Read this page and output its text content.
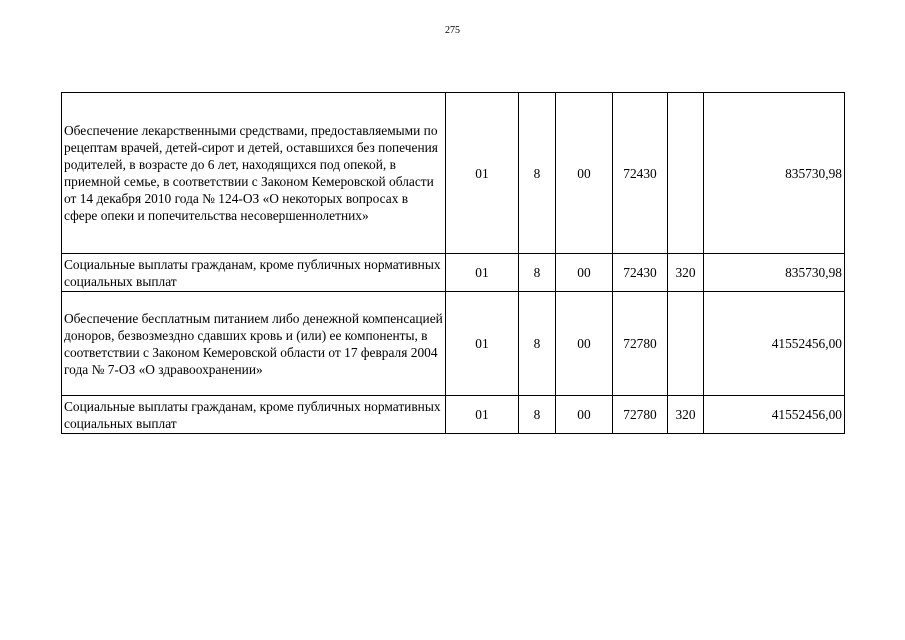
275
Обеспечение лекарственными средствами, предоставляемыми по рецептам врачей, детей-сирот и детей, оставшихся без попечения родителей, в возрасте до 6 лет, находящихся под опекой, в приемной семье, в соответствии с Законом Кемеровской области от 14 декабря 2010 года № 124-ОЗ «О некоторых вопросах в сфере опеки и попечительства несовершеннолетних»	01	8	00	72430		835730,98
Социальные выплаты гражданам, кроме публичных нормативных социальных выплат	01	8	00	72430	320	835730,98
Обеспечение бесплатным питанием либо денежной компенсацией доноров, безвозмездно сдавших кровь и (или) ее компоненты, в соответствии с Законом Кемеровской области от 17 февраля 2004 года № 7-ОЗ «О здравоохранении»	01	8	00	72780		41552456,00
Социальные выплаты гражданам, кроме публичных нормативных социальных выплат	01	8	00	72780	320	41552456,00
